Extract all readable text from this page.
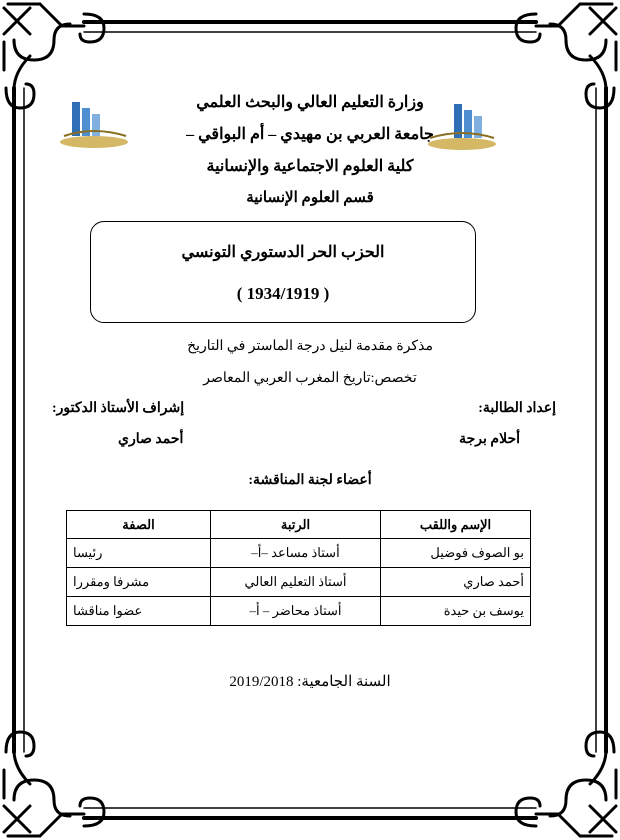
وزارة التعليم العالي والبحث العلمي
جامعة العربي بن مهيدي – أم البواقي –
كلية العلوم الاجتماعية والإنسانية
قسم العلوم الإنسانية
الحزب الحر الدستوري التونسي
( 1934/1919 )
مذكرة مقدمة لنيل درجة الماستر في التاريخ
تخصص:تاريخ المغرب العربي المعاصر
إعداد الطالبة:
أحلام برجة
إشراف الأستاذ الدكتور:
أحمد صاري
أعضاء لجنة المناقشة:
الإسم واللقب	الرتبة	الصفة
بو الصوف فوضيل	أستاذ مساعد –أ–	رئيسا
أحمد صاري	أستاذ التعليم العالي	مشرفا ومقررا
يوسف بن حيدة	أستاذ محاضر – أ–	عضوا مناقشا
السنة الجامعية: 2019/2018
